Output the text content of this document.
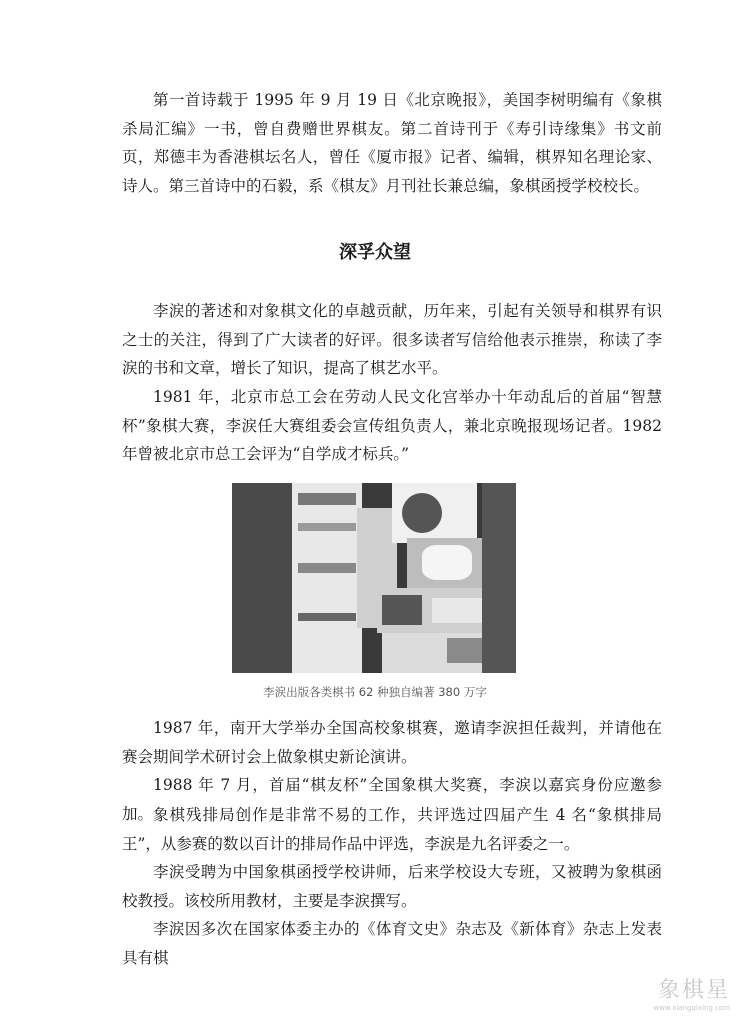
第一首诗载于 1995 年 9 月 19 日《北京晚报》，美国李树明编有《象棋杀局汇编》一书，曾自费赠世界棋友。第二首诗刊于《寿引诗缘集》书文前页，郑德丰为香港棋坛名人，曾任《厦市报》记者、编辑，棋界知名理论家、诗人。第三首诗中的石毅，系《棋友》月刊社长兼总编，象棋函授学校校长。

深孚众望

李涙的著述和对象棋文化的卓越贡献，历年来，引起有关领导和棋界有识之士的关注，得到了广大读者的好评。很多读者写信给他表示推崇，称读了李涙的书和文章，增长了知识，提高了棋艺水平。

1981 年，北京市总工会在劳动人民文化宫举办十年动乱后的首届“智慧杯”象棋大赛，李涙任大赛组委会宣传组负责人，兼北京晚报现场记者。1982 年曾被北京市总工会评为“自学成才标兵。”

李涙出版各类棋书 62 种独自编著 380 万字

1987 年，南开大学举办全国高校象棋赛，邀请李涙担任裁判，并请他在赛会期间学术研讨会上做象棋史新论演讲。

1988 年 7 月，首届“棋友杯”全国象棋大奖赛，李涙以嘉宾身份应邀参加。 象棋残排局创作是非常不易的工作，共评选过四届产生 4 名“象棋排局王”，从参赛的数以百计的排局作品中评选，李涙是九名评委之一。

李涙受聘为中国象棋函授学校讲师，后来学校设大专班，又被聘为象棋函校教授。该校所用教材，主要是李涙撰写。

李涙因多次在国家体委主办的《体育文史》杂志及《新体育》杂志上发表具有棋

象棋星
www.xiangqixing.com
